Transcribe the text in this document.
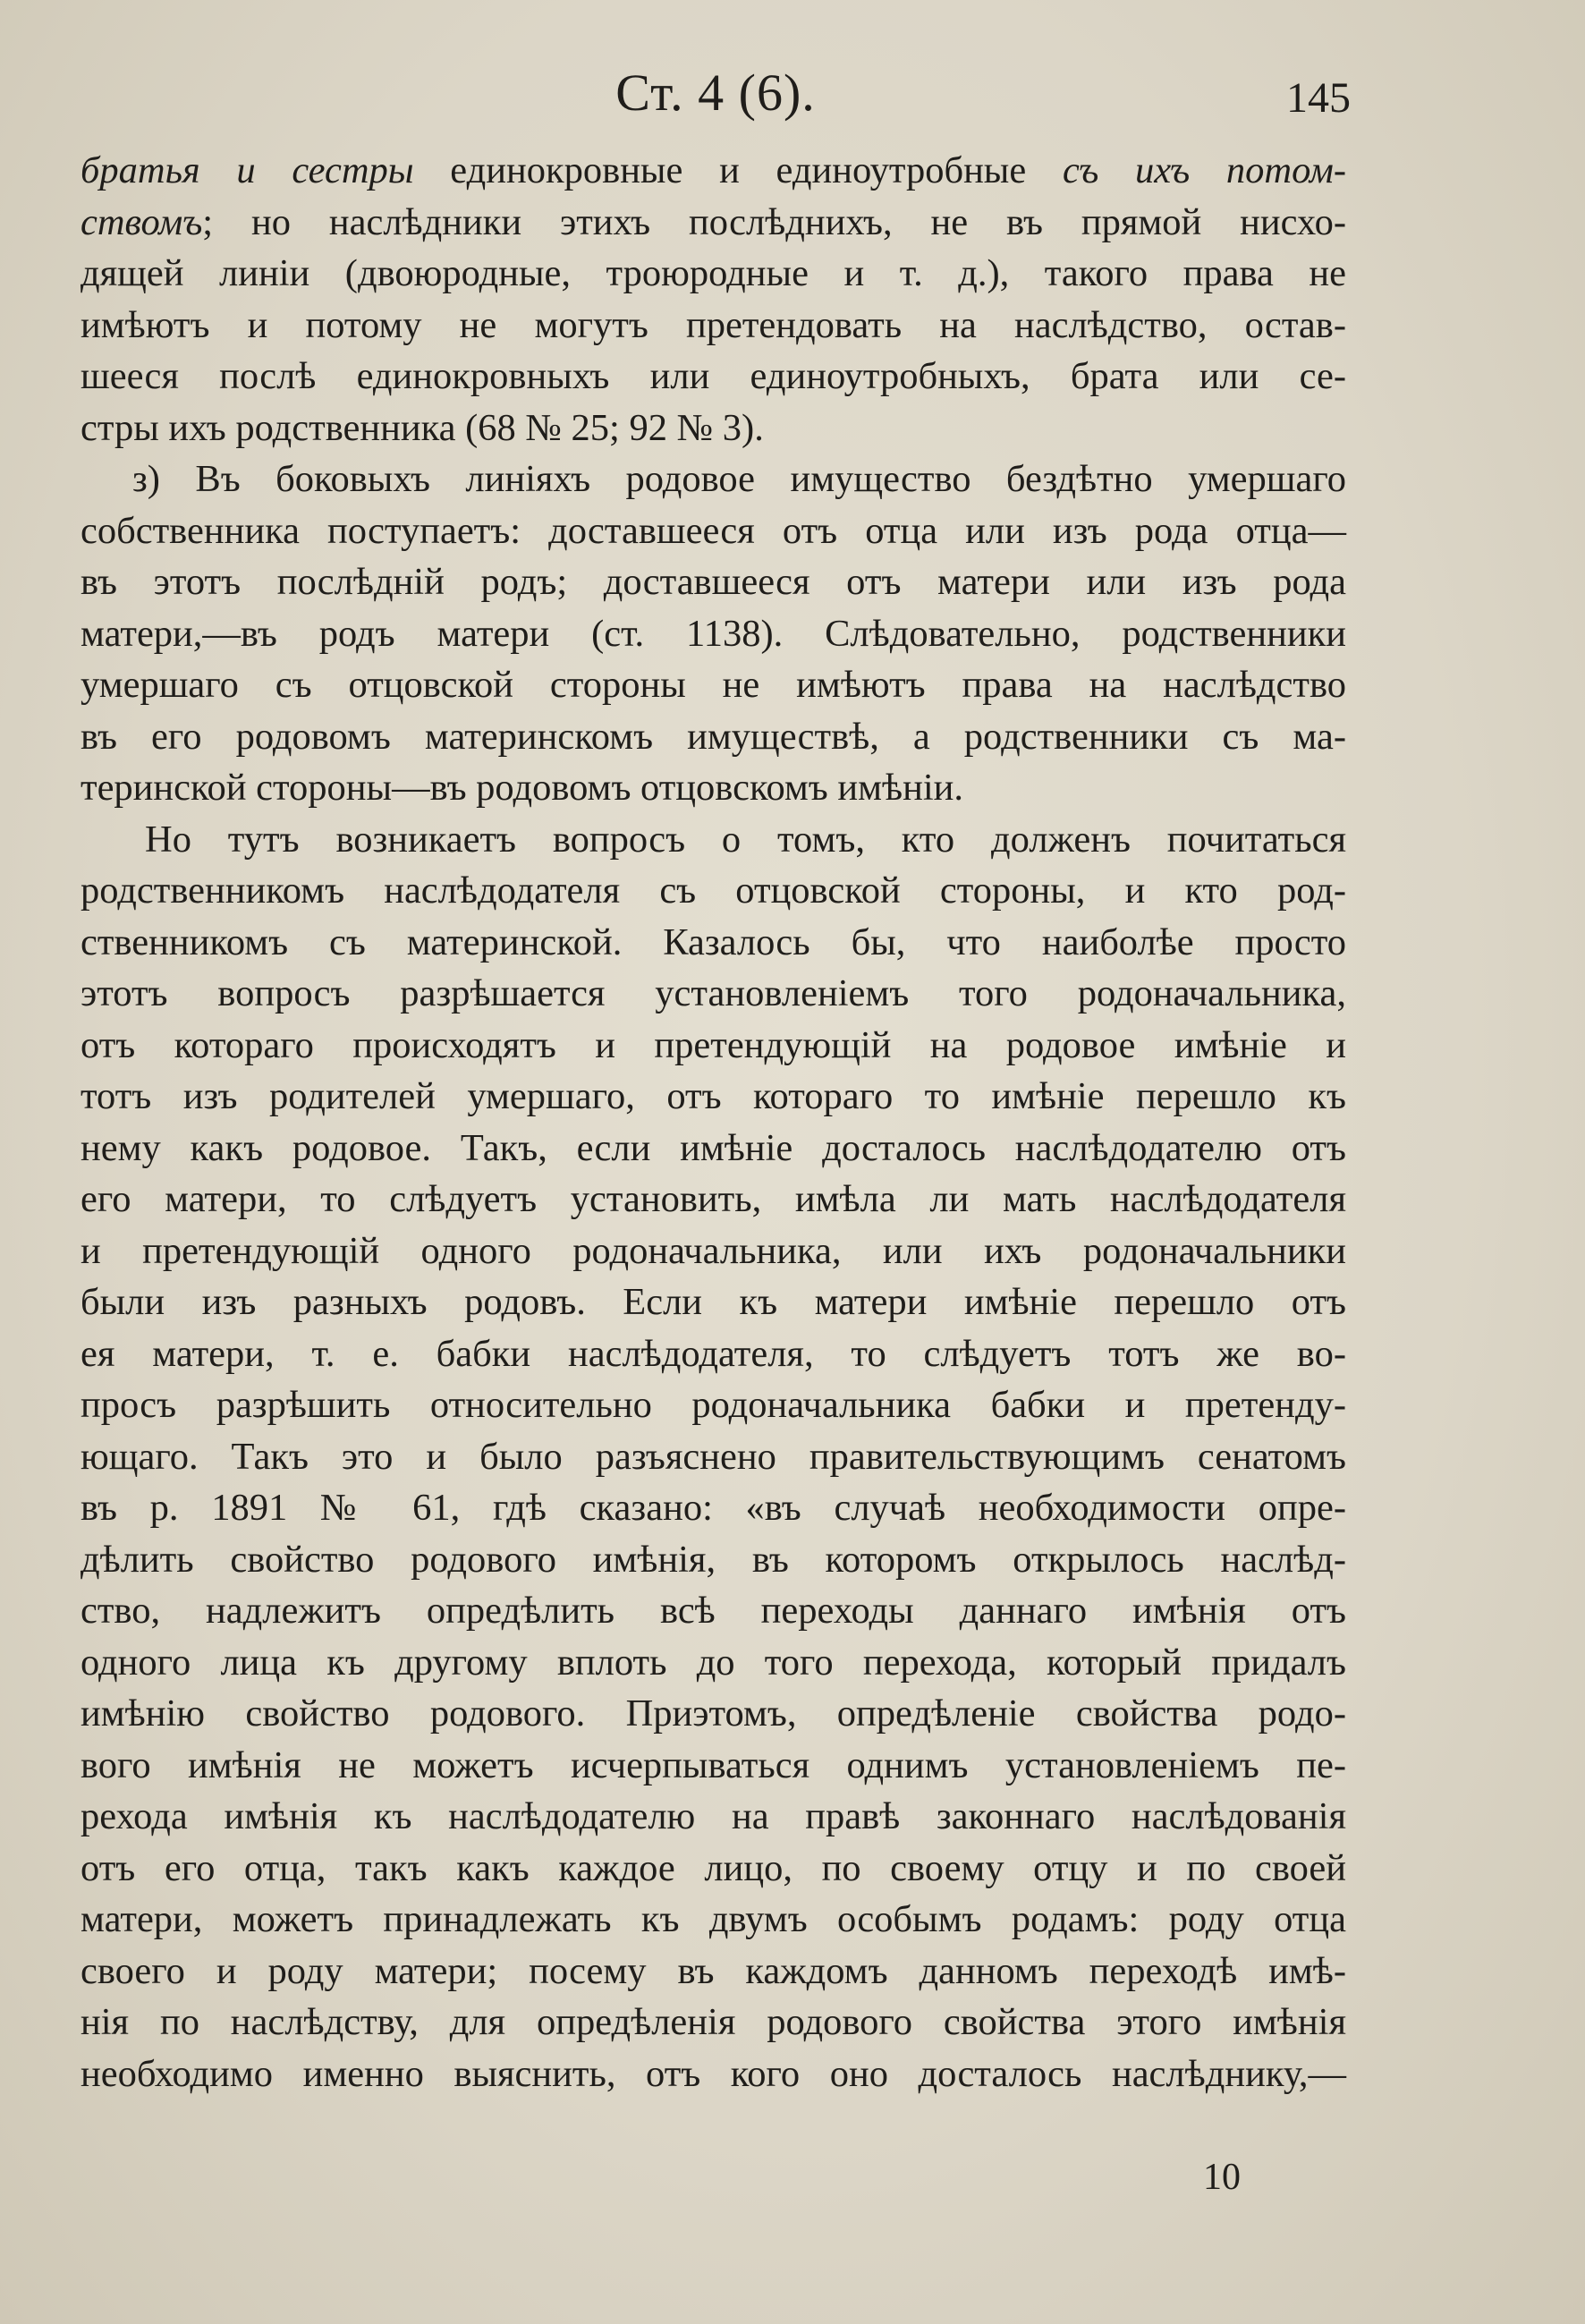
Ст. 4 (6).	145

братья и сестры единокровные и единоутробные съ ихъ потом-
ствомъ; но наслѣдники этихъ послѣднихъ, не въ прямой нисхо-
дящей линіи (двоюродные, троюродные и т. д.), такого права не
имѣютъ и потому не могутъ претендовать на наслѣдство, остав-
шееся послѣ единокровныхъ или единоутробныхъ, брата или се-
стры ихъ родственника (68 № 25; 92 № 3).

з) Въ боковыхъ линіяхъ родовое имущество бездѣтно умершаго
собственника поступаетъ: доставшееся отъ отца или изъ рода отца—
въ этотъ послѣдній родъ; доставшееся отъ матери или изъ рода
матери,—въ родъ матери (ст. 1138). Слѣдовательно, родственники
умершаго съ отцовской стороны не имѣютъ права на наслѣдство
въ его родовомъ материнскомъ имуществѣ, а родственники съ ма-
теринской стороны—въ родовомъ отцовскомъ имѣніи.

Но тутъ возникаетъ вопросъ о томъ, кто долженъ почитаться
родственникомъ наслѣдодателя съ отцовской стороны, и кто род-
ственникомъ съ материнской. Казалось бы, что наиболѣе просто
этотъ вопросъ разрѣшается установленіемъ того родоначальника,
отъ котораго происходятъ и претендующій на родовое имѣніе и
тотъ изъ родителей умершаго, отъ котораго то имѣніе перешло къ
нему какъ родовое. Такъ, если имѣніе досталось наслѣдодателю отъ
его матери, то слѣдуетъ установить, имѣла ли мать наслѣдодателя
и претендующій одного родоначальника, или ихъ родоначальники
были изъ разныхъ родовъ. Если къ матери имѣніе перешло отъ
ея матери, т. е. бабки наслѣдодателя, то слѣдуетъ тотъ же во-
просъ разрѣшить относительно родоначальника бабки и претенду-
ющаго. Такъ это и было разъяснено правительствующимъ сенатомъ
въ р. 1891 № 61, гдѣ сказано: «въ случаѣ необходимости опре-
дѣлить свойство родового имѣнія, въ которомъ открылось наслѣд-
ство, надлежитъ опредѣлить всѣ переходы даннаго имѣнія отъ
одного лица къ другому вплоть до того перехода, который придалъ
имѣнію свойство родового. Приэтомъ, опредѣленіе свойства родо-
вого имѣнія не можетъ исчерпываться однимъ установленіемъ пе-
рехода имѣнія къ наслѣдодателю на правѣ законнаго наслѣдованія
отъ его отца, такъ какъ каждое лицо, по своему отцу и по своей
матери, можетъ принадлежать къ двумъ особымъ родамъ: роду отца
своего и роду матери; посему въ каждомъ данномъ переходѣ имѣ-
нія по наслѣдству, для опредѣленія родового свойства этого имѣнія
необходимо именно выяснить, отъ кого оно досталось наслѣднику,—

10
